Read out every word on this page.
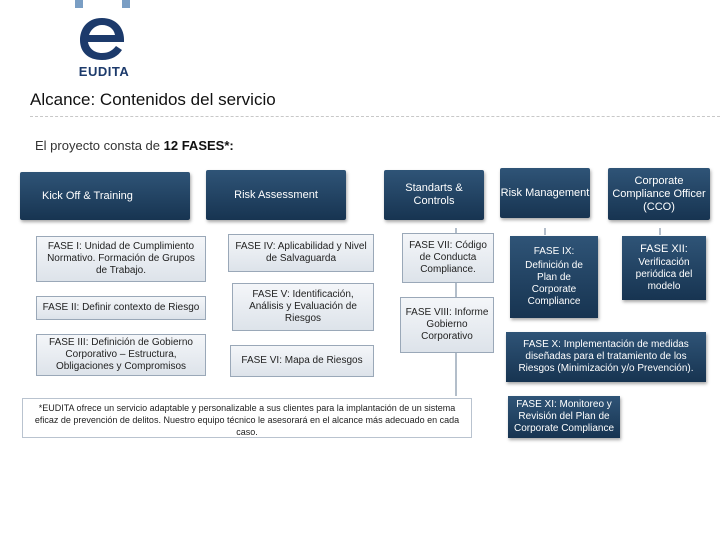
EUDITA
Alcance: Contenidos del servicio
El proyecto consta de 12 FASES*:
Kick Off & Training
FASE I: Unidad de Cumplimiento Normativo. Formación de Grupos de Trabajo.
FASE II: Definir contexto de Riesgo
FASE III: Definición de Gobierno Corporativo – Estructura, Obligaciones y Compromisos
Risk Assessment
FASE IV: Aplicabilidad y Nivel de Salvaguarda
FASE V: Identificación, Análisis y Evaluación de Riesgos
FASE VI: Mapa de Riesgos
Standarts & Controls
FASE VII: Código de Conducta Compliance.
FASE VIII: Informe Gobierno Corporativo
Risk Management
FASE IX:
Definición de Plan de Corporate Compliance
Corporate Compliance Officer (CCO)
FASE XII:
Verificación periódica del modelo
FASE X: Implementación de medidas diseñadas para el tratamiento de los Riesgos (Minimización y/o Prevención).
FASE XI: Monitoreo y Revisión del Plan de Corporate Compliance
*EUDITA ofrece un servicio adaptable y personalizable a sus clientes para la implantación de un sistema eficaz de prevención de delitos. Nuestro equipo técnico le asesorará en el alcance más adecuado en cada caso.
